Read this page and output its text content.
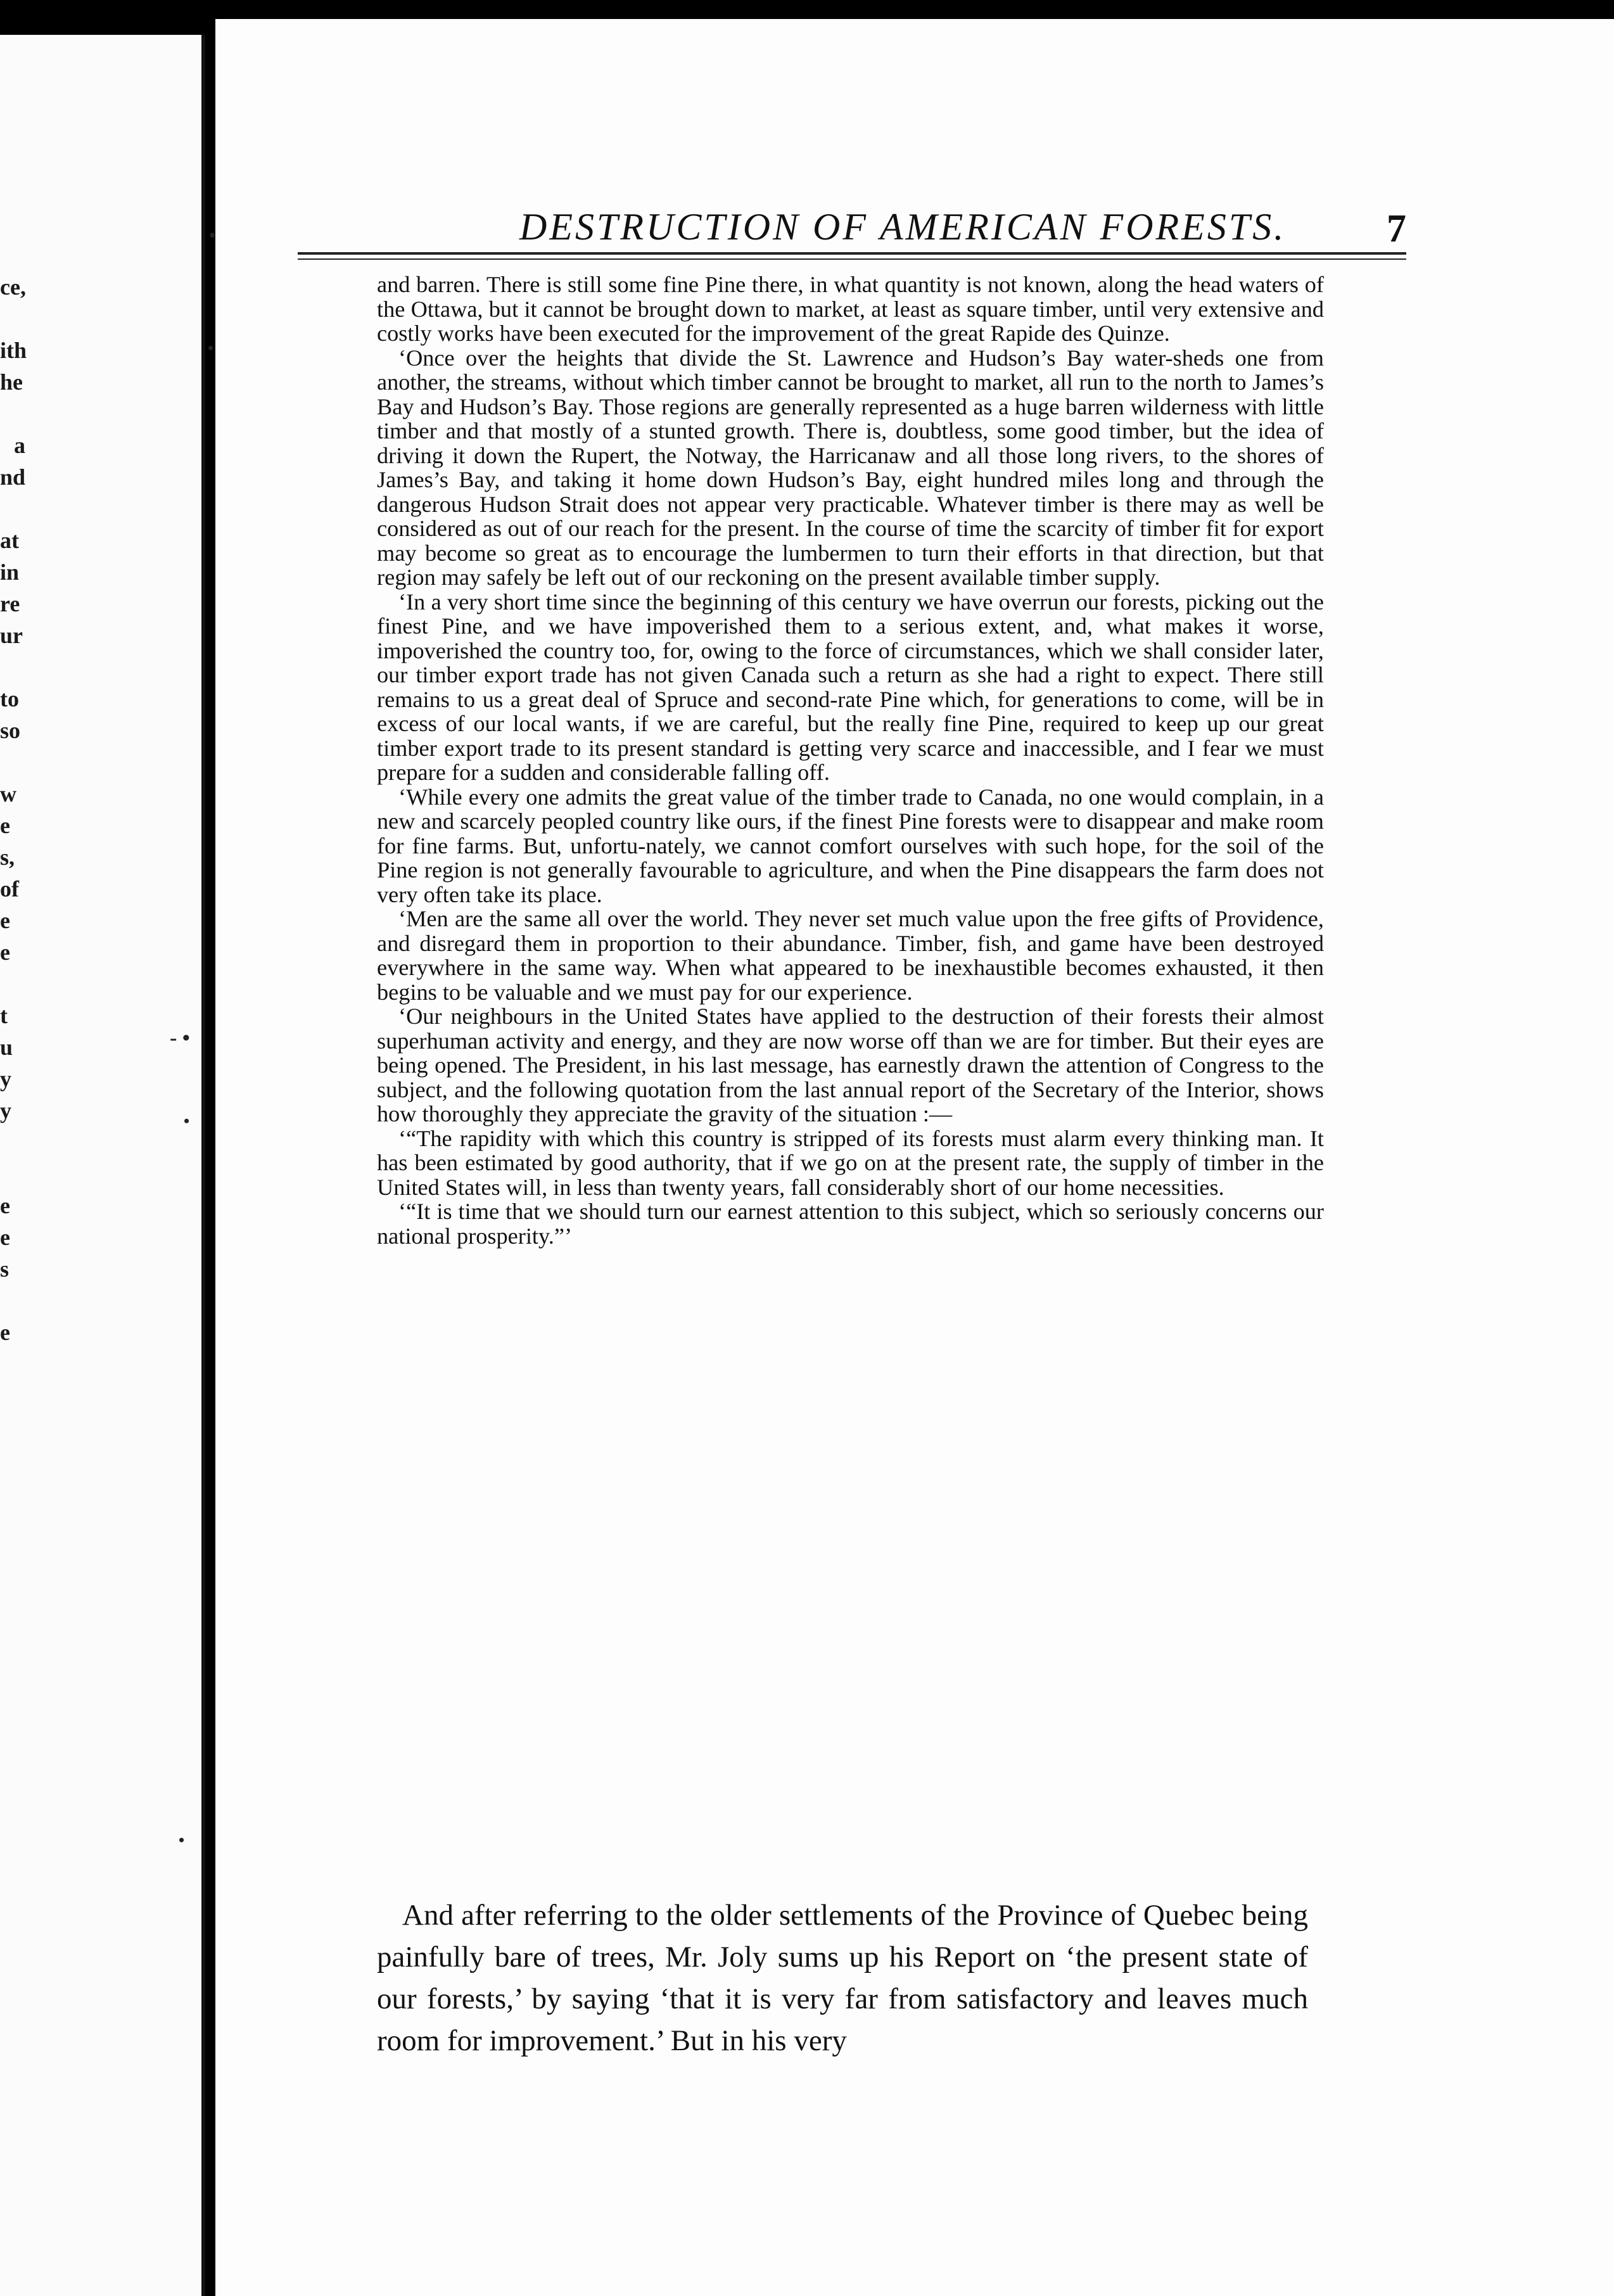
ce,
ith
he
a
nd
at
in
re
ur
to
so
w
e
s,
of
e
e
t
u
y
y
e
e
s
e
•
•
- •
•
•
DESTRUCTION OF AMERICAN FORESTS.	7

and barren. There is still some fine Pine there, in what quantity is not known, along the head waters of the Ottawa, but it cannot be brought down to market, at least as square timber, until very extensive and costly works have been executed for the improvement of the great Rapide des Quinze.

‘Once over the heights that divide the St. Lawrence and Hudson’s Bay water-sheds one from another, the streams, without which timber cannot be brought to market, all run to the north to James’s Bay and Hudson’s Bay. Those regions are generally represented as a huge barren wilderness with little timber and that mostly of a stunted growth. There is, doubtless, some good timber, but the idea of driving it down the Rupert, the Notway, the Harricanaw and all those long rivers, to the shores of James’s Bay, and taking it home down Hudson’s Bay, eight hundred miles long and through the dangerous Hudson Strait does not appear very practicable. Whatever timber is there may as well be considered as out of our reach for the present. In the course of time the scarcity of timber fit for export may become so great as to encourage the lumbermen to turn their efforts in that direction, but that region may safely be left out of our reckoning on the present available timber supply.

‘In a very short time since the beginning of this century we have overrun our forests, picking out the finest Pine, and we have impoverished them to a serious extent, and, what makes it worse, impoverished the country too, for, owing to the force of circumstances, which we shall consider later, our timber export trade has not given Canada such a return as she had a right to expect. There still remains to us a great deal of Spruce and second-rate Pine which, for generations to come, will be in excess of our local wants, if we are careful, but the really fine Pine, required to keep up our great timber export trade to its present standard is getting very scarce and inaccessible, and I fear we must prepare for a sudden and considerable falling off.

‘While every one admits the great value of the timber trade to Canada, no one would complain, in a new and scarcely peopled country like ours, if the finest Pine forests were to disappear and make room for fine farms. But, unfortu-nately, we cannot comfort ourselves with such hope, for the soil of the Pine region is not generally favourable to agriculture, and when the Pine disappears the farm does not very often take its place.

‘Men are the same all over the world. They never set much value upon the free gifts of Providence, and disregard them in proportion to their abundance. Timber, fish, and game have been destroyed everywhere in the same way. When what appeared to be inexhaustible becomes exhausted, it then begins to be valuable and we must pay for our experience.

‘Our neighbours in the United States have applied to the destruction of their forests their almost superhuman activity and energy, and they are now worse off than we are for timber. But their eyes are being opened. The President, in his last message, has earnestly drawn the attention of Congress to the subject, and the following quotation from the last annual report of the Secretary of the Interior, shows how thoroughly they appreciate the gravity of the situation :—

‘“The rapidity with which this country is stripped of its forests must alarm every thinking man. It has been estimated by good authority, that if we go on at the present rate, the supply of timber in the United States will, in less than twenty years, fall considerably short of our home necessities.

‘“It is time that we should turn our earnest attention to this subject, which so seriously concerns our national prosperity.”’

And after referring to the older settlements of the Province of Quebec being painfully bare of trees, Mr. Joly sums up his Report on ‘the present state of our forests,’ by saying ‘that it is very far from satisfactory and leaves much room for improvement.’ But in his very
